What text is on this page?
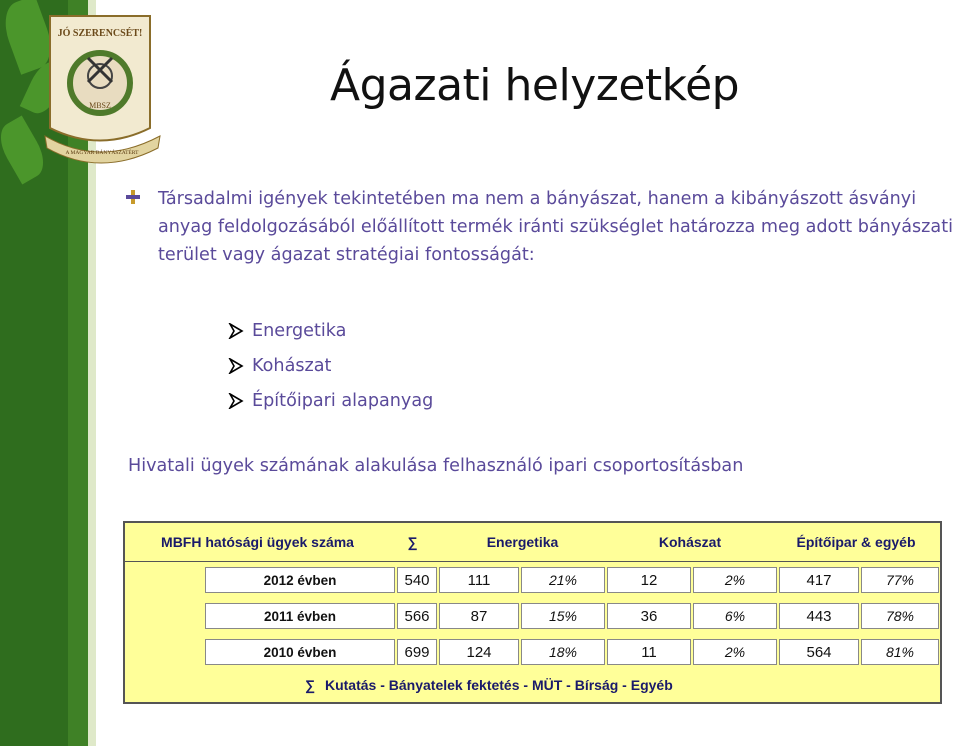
JÓ SZERENCSÉT!
MBSZ
A MAGYAR BÁNYÁSZATÉRT
Ágazati helyzetkép
Társadalmi igények tekintetében ma nem a bányászat, hanem a kibányászott ásványi anyag feldolgozásából előállított termék iránti szükséglet határozza meg adott bányászati terület vagy ágazat stratégiai fontosságát:
Energetika
Kohászat
Építőipari alapanyag
Hivatali ügyek számának alakulása felhasználó ipari csoportosításban
MBFH hatósági ügyek száma	∑	Energetika	Kohászat	Építőipar & egyéb
2012 évben	540	111	21%	12	2%	417	77%
2011 évben	566	87	15%	36	6%	443	78%
2010 évben	699	124	18%	11	2%	564	81%
∑ Kutatás - Bányatelek fektetés - MÜT - Bírság - Egyéb
